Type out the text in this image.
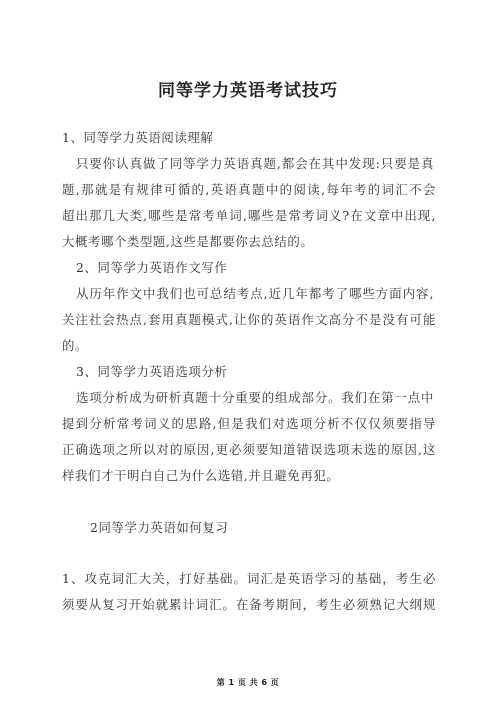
同等学力英语考试技巧
1、同等学力英语阅读理解
只要你认真做了同等学力英语真题,都会在其中发现:只要是真
题,那就是有规律可循的,英语真题中的阅读,每年考的词汇不会
超出那几大类,哪些是常考单词,哪些是常考词义?在文章中出现,
大概考哪个类型题,这些是都要你去总结的。
2、同等学力英语作文写作
从历年作文中我们也可总结考点,近几年都考了哪些方面内容,
关注社会热点,套用真题模式,让你的英语作文高分不是没有可能
的。
3、同等学力英语选项分析
选项分析成为研析真题十分重要的组成部分。我们在第一点中
提到分析常考词义的思路,但是我们对选项分析不仅仅须要指导
正确选项之所以对的原因,更必须要知道错误选项未选的原因,这
样我们才干明白自己为什么选错,并且避免再犯。
2同等学力英语如何复习
1、攻克词汇大关，打好基础。词汇是英语学习的基础，考生必
须要从复习开始就累计词汇。在备考期间，考生必须熟记大纲规
第 1 页 共 6 页
